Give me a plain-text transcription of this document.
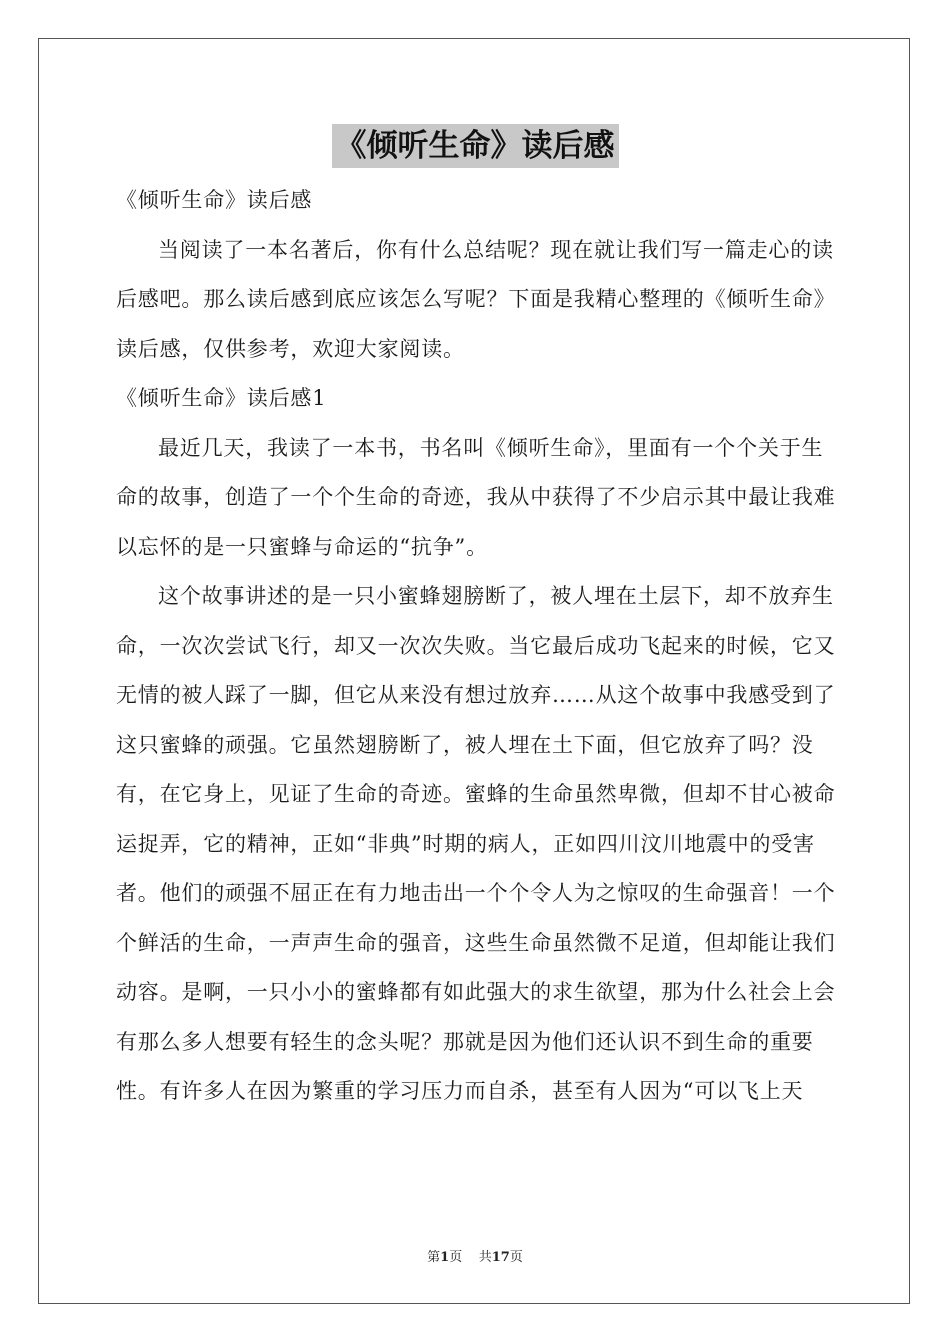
《倾听生命》读后感

《倾听生命》读后感

当阅读了一本名著后，你有什么总结呢？现在就让我们写一篇走心的读后感吧。那么读后感到底应该怎么写呢？下面是我精心整理的《倾听生命》读后感，仅供参考，欢迎大家阅读。

《倾听生命》读后感1

最近几天，我读了一本书，书名叫《倾听生命》，里面有一个个关于生命的故事，创造了一个个生命的奇迹，我从中获得了不少启示其中最让我难以忘怀的是一只蜜蜂与命运的“抗争”。

这个故事讲述的是一只小蜜蜂翅膀断了，被人埋在土层下，却不放弃生命，一次次尝试飞行，却又一次次失败。当它最后成功飞起来的时候，它又无情的被人踩了一脚，但它从来没有想过放弃……从这个故事中我感受到了这只蜜蜂的顽强。它虽然翅膀断了，被人埋在土下面，但它放弃了吗？没有，在它身上，见证了生命的奇迹。蜜蜂的生命虽然卑微，但却不甘心被命运捉弄，它的精神，正如“非典”时期的病人，正如四川汶川地震中的受害者。他们的顽强不屈正在有力地击出一个个令人为之惊叹的生命强音！一个个鲜活的生命，一声声生命的强音，这些生命虽然微不足道，但却能让我们动容。是啊，一只小小的蜜蜂都有如此强大的求生欲望，那为什么社会上会有那么多人想要有轻生的念头呢？那就是因为他们还认识不到生命的重要性。有许多人在因为繁重的学习压力而自杀，甚至有人因为“可以飞上天

第1页 共17页
